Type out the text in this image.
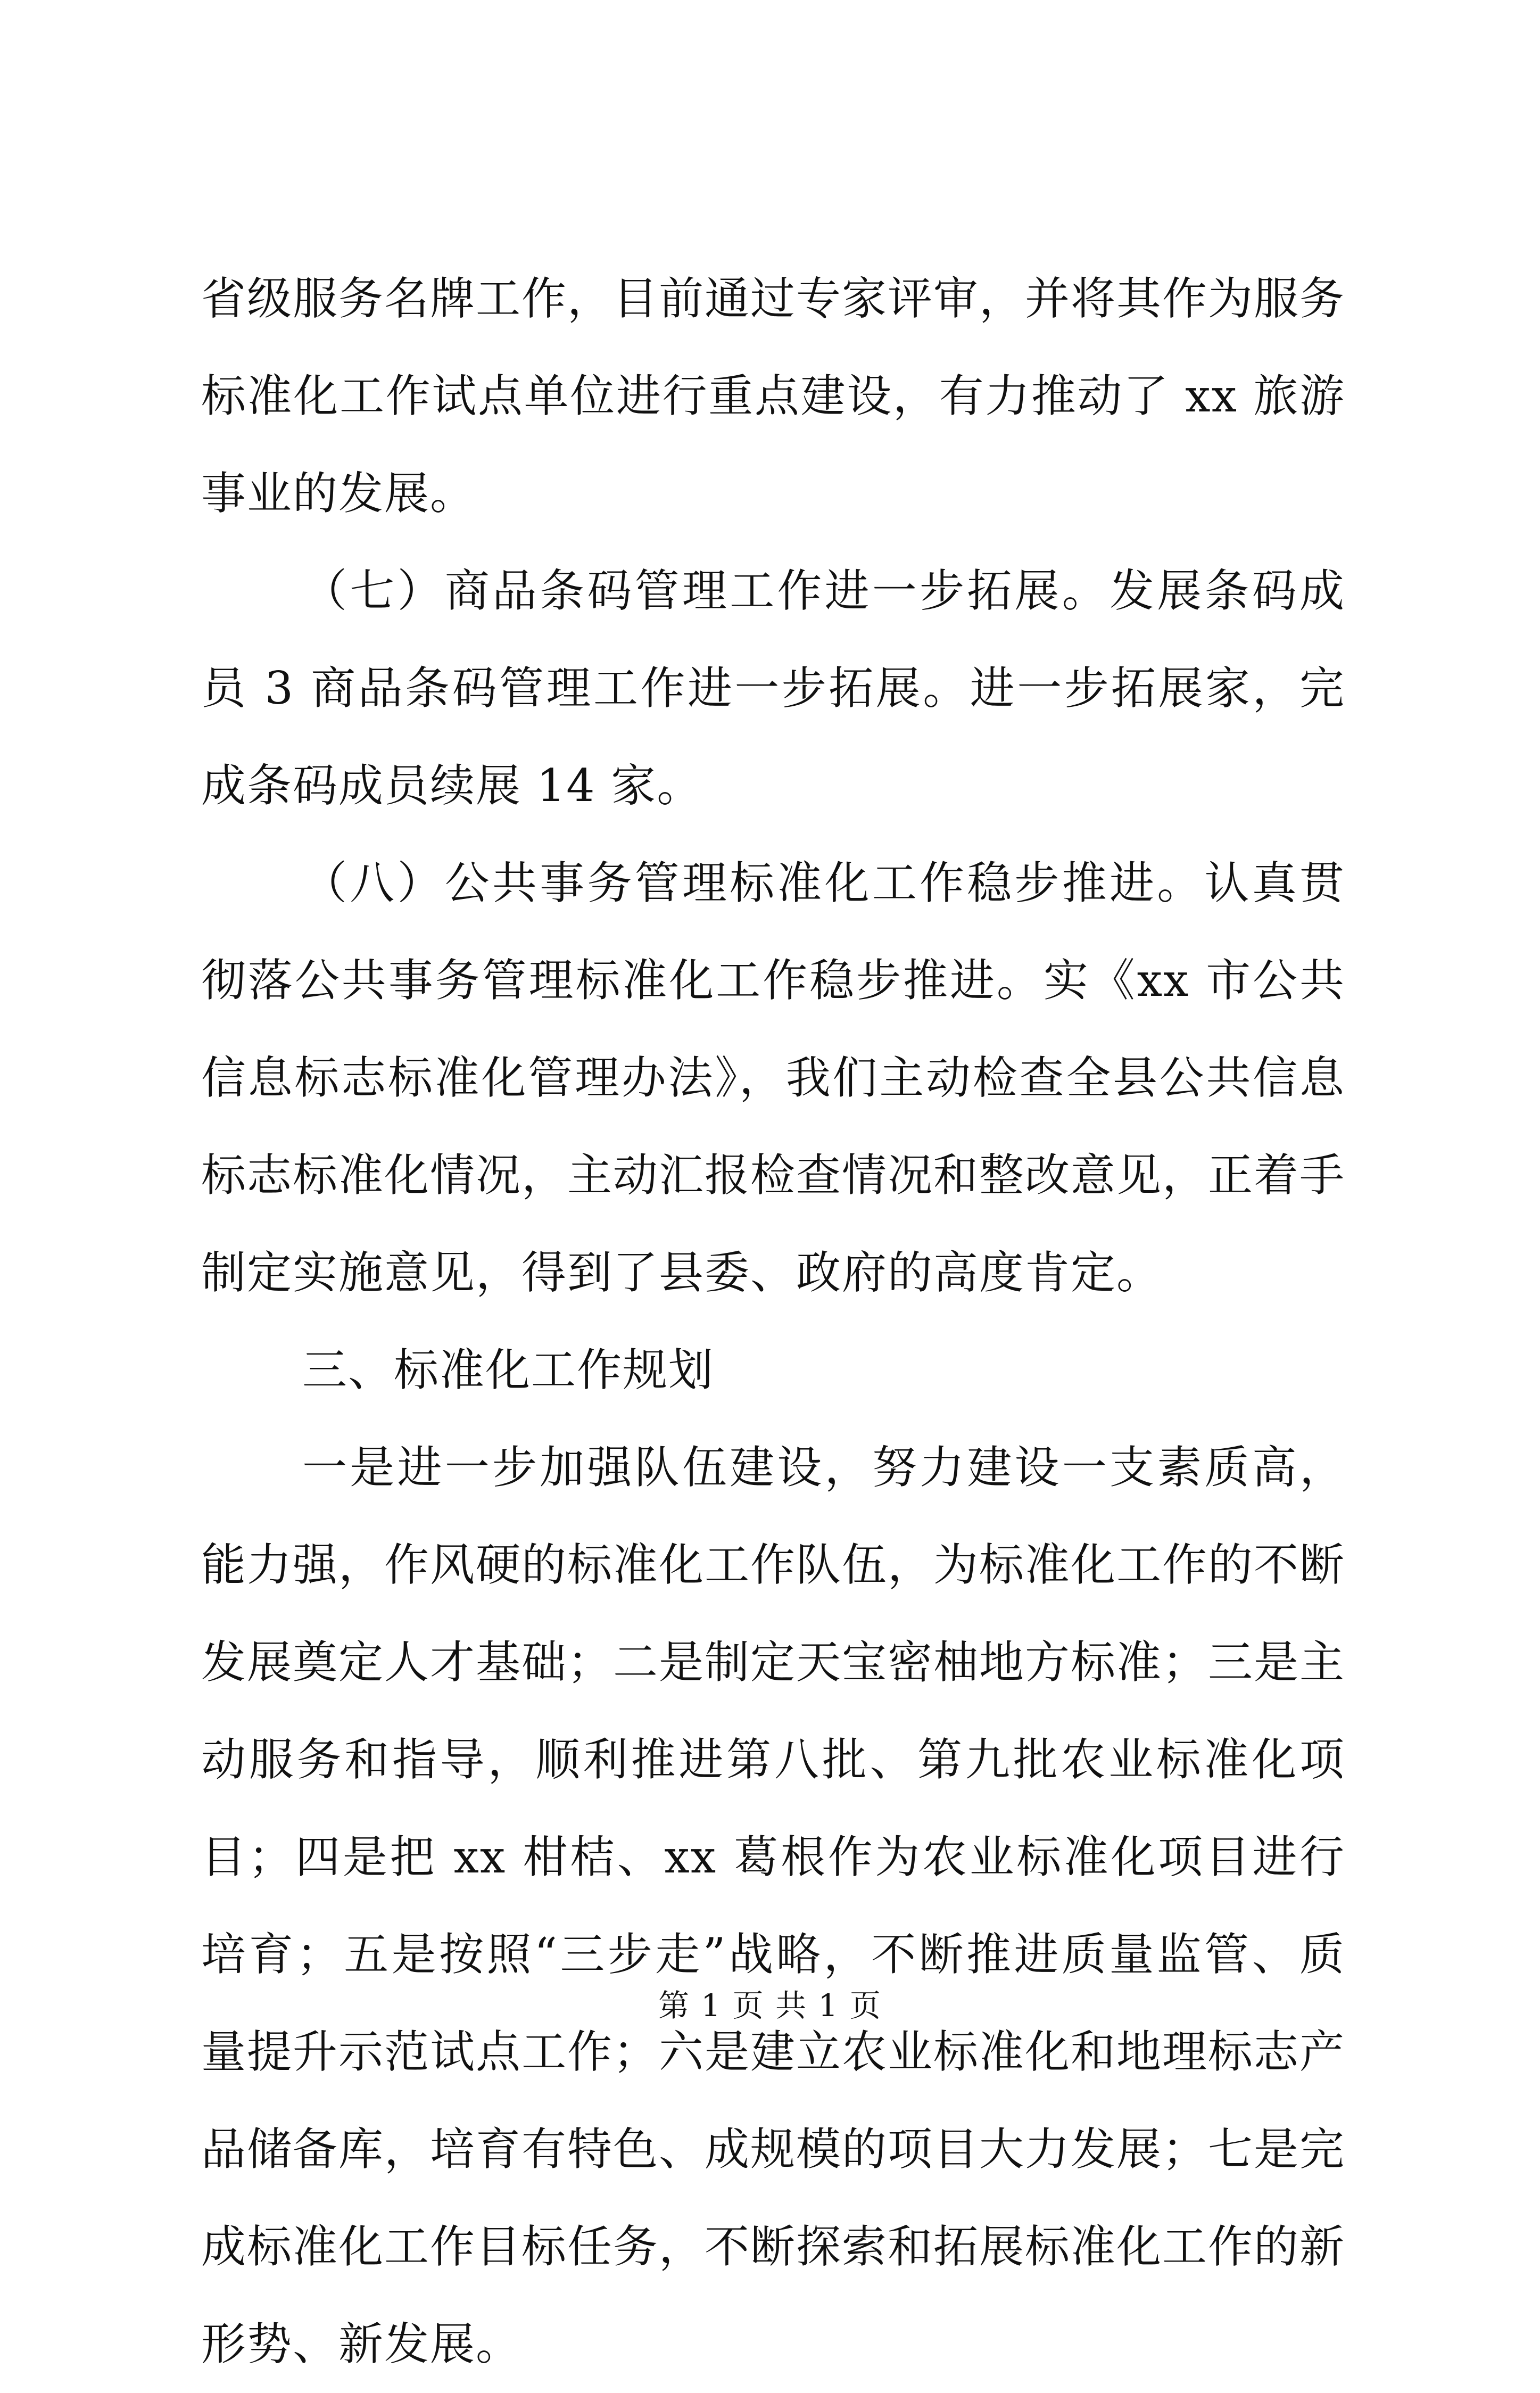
省级服务名牌工作，目前通过专家评审，并将其作为服务标准化工作试点单位进行重点建设，有力推动了 xx 旅游事业的发展。

（七）商品条码管理工作进一步拓展。发展条码成员 3 商品条码管理工作进一步拓展。进一步拓展家，完成条码成员续展 14 家。

（八）公共事务管理标准化工作稳步推进。认真贯彻落公共事务管理标准化工作稳步推进。实《xx 市公共信息标志标准化管理办法》，我们主动检查全县公共信息标志标准化情况，主动汇报检查情况和整改意见，正着手制定实施意见，得到了县委、政府的高度肯定。

三、标准化工作规划

一是进一步加强队伍建设，努力建设一支素质高，能力强，作风硬的标准化工作队伍，为标准化工作的不断发展奠定人才基础；二是制定天宝密柚地方标准；三是主动服务和指导，顺利推进第八批、第九批农业标准化项目；四是把 xx 柑桔、xx 葛根作为农业标准化项目进行培育；五是按照“三步走”战略，不断推进质量监管、质量提升示范试点工作；六是建立农业标准化和地理标志产品储备库，培育有特色、成规模的项目大力发展；七是完成标准化工作目标任务，不断探索和拓展标准化工作的新形势、新发展。

第 1 页 共 1 页
